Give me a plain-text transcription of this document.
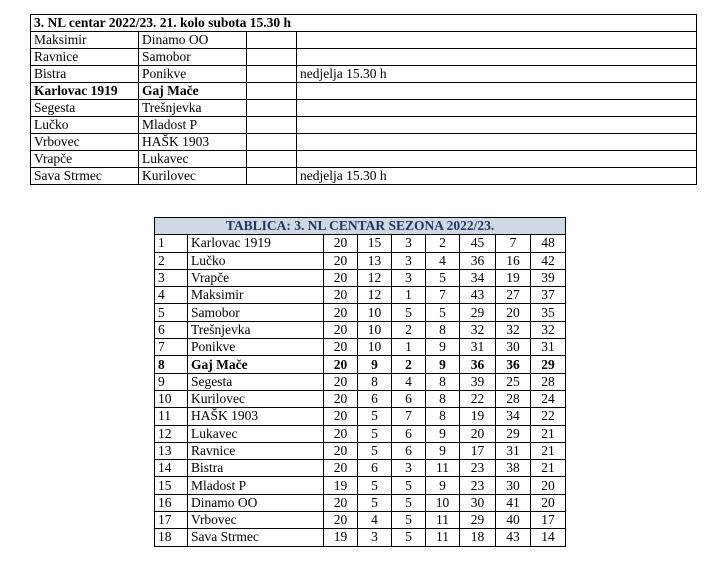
3. NL centar 2022/23. 21. kolo subota 15.30 h			
Maksimir	Dinamo OO		
Ravnice	Samobor		
Bistra	Ponikve		nedjelja 15.30 h
Karlovac 1919	Gaj Mače		
Segesta	Trešnjevka		
Lučko	Mladost P		
Vrbovec	HAŠK 1903		
Vrapče	Lukavec		
Sava Strmec	Kurilovec		nedjelja 15.30 h
TABLICA: 3. NL CENTAR SEZONA 2022/23.								
1	Karlovac 1919	20	15	3	2	45	7	48
2	Lučko	20	13	3	4	36	16	42
3	Vrapče	20	12	3	5	34	19	39
4	Maksimir	20	12	1	7	43	27	37
5	Samobor	20	10	5	5	29	20	35
6	Trešnjevka	20	10	2	8	32	32	32
7	Ponikve	20	10	1	9	31	30	31
8	Gaj Mače	20	9	2	9	36	36	29
9	Segesta	20	8	4	8	39	25	28
10	Kurilovec	20	6	6	8	22	28	24
11	HAŠK 1903	20	5	7	8	19	34	22
12	Lukavec	20	5	6	9	20	29	21
13	Ravnice	20	5	6	9	17	31	21
14	Bistra	20	6	3	11	23	38	21
15	Mladost P	19	5	5	9	23	30	20
16	Dinamo OO	20	5	5	10	30	41	20
17	Vrbovec	20	4	5	11	29	40	17
18	Sava Strmec	19	3	5	11	18	43	14
